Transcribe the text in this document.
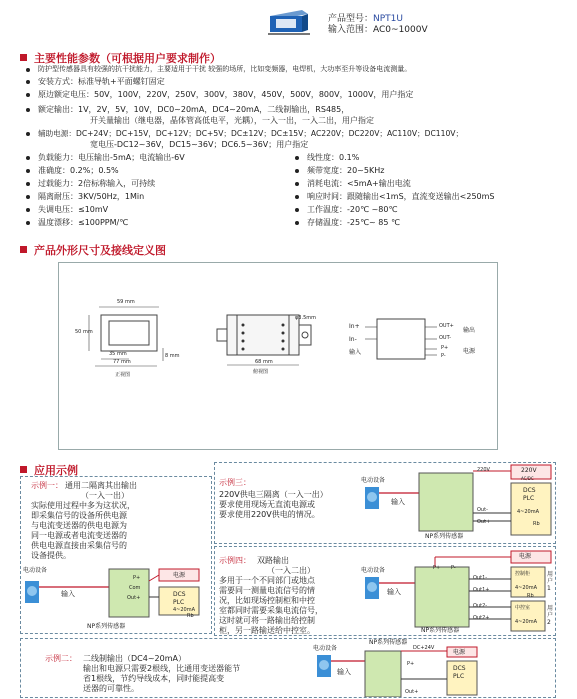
产品型号：NPT1U
输入范围：AC0~1000V
主要性能参数（可根据用户要求制作）
防护型传感器具有较强的抗干扰能力，主要适用于干扰 较强的场所，比如变频器，电焊机，大功率至升等设备电流测量。
安装方式：标准导轨+平面螺钉固定
原边额定电压：50V，100V，220V，250V，300V，380V，450V，500V，800V，1000V，用户指定
额定输出：1V，2V，5V，10V，DC0~20mA，DC4~20mA，二线制输出，RS485，
开关量输出（继电器，晶体管高低电平，光耦），一入一出，一入二出，用户指定
辅助电源：DC+24V；DC+15V，DC+12V；DC+5V；DC±12V；DC±15V；AC220V；DC220V；AC110V；DC110V；
宽电压-DC12~36V，DC15~36V；DC6.5~36V；用户指定
负载能力：电压输出-5mA；电流输出-6V
准确度：0.2%；0.5%
过载能力：2倍标称输入，可持续
隔离耐压：3KV/50Hz，1Min
失调电压：≤10mV
温度漂移：≤100PPM/℃
线性度：0.1%
频带宽度：20~5KHz
消耗电流：<5mA+输出电流
响应时间：跟随输出<1mS，直流变送输出<250mS
工作温度：-20℃ ~80℃
存储温度：-25℃~ 85 ℃
产品外形尺寸及接线定义图
59 mm
50 mm
35 mm
77 mm
8 mm
正视图
68 mm
俯视图
φ3.5mm
In+
In-
输入
OUT+
OUT-
输出
P+
P-
电源
应用示例
示例一： 通用二隔离其出输出
（一入一出）
实际使用过程中多为这状况，
即采集信号的设备所供电源
与电流变送器的供电电源为
同一电源或者电流变送器的
供电电源直接由采集信号的
设备提供。
电动设备
输入
NP系列传感器
电源
DCS
PLC
P+
Com
Out+
4~20mA
Rb
示例三：
220V供电三隔离（一入一出）
要求使用现场无直流电源或
要求使用220V供电的情况。
电动设备
输入
NP系列传感器
220V
AC/DC
DCS
PLC
220V
Out-
Out+
4~20mA
Rb
示例四： 双路输出
（一入二出）
多用于一个不同部门或地点
需要同一测量电流信号的情
况，比如现场控制柜和中控
室都同时需要采集电流信号，
这时就可将一路输出给控制
柜，另一路输送给中控室。
电动设备
输入
NP系列传感器
电源
P+ P-
Out1-
Out1+
Out2-
Out2+
控制柜
4~20mA
中控室
4~20mA
Rb
用户1
用户2
示例二： 二线制输出（DC4~20mA）
输出和电源只需要2根线，比通用变送器能节
省1根线，节约导线成本，同时能提高变
送器的可靠性。
电动设备
输入
NP系列传感器
DC+24V
电源
DCS
PLC
P+
Out+
